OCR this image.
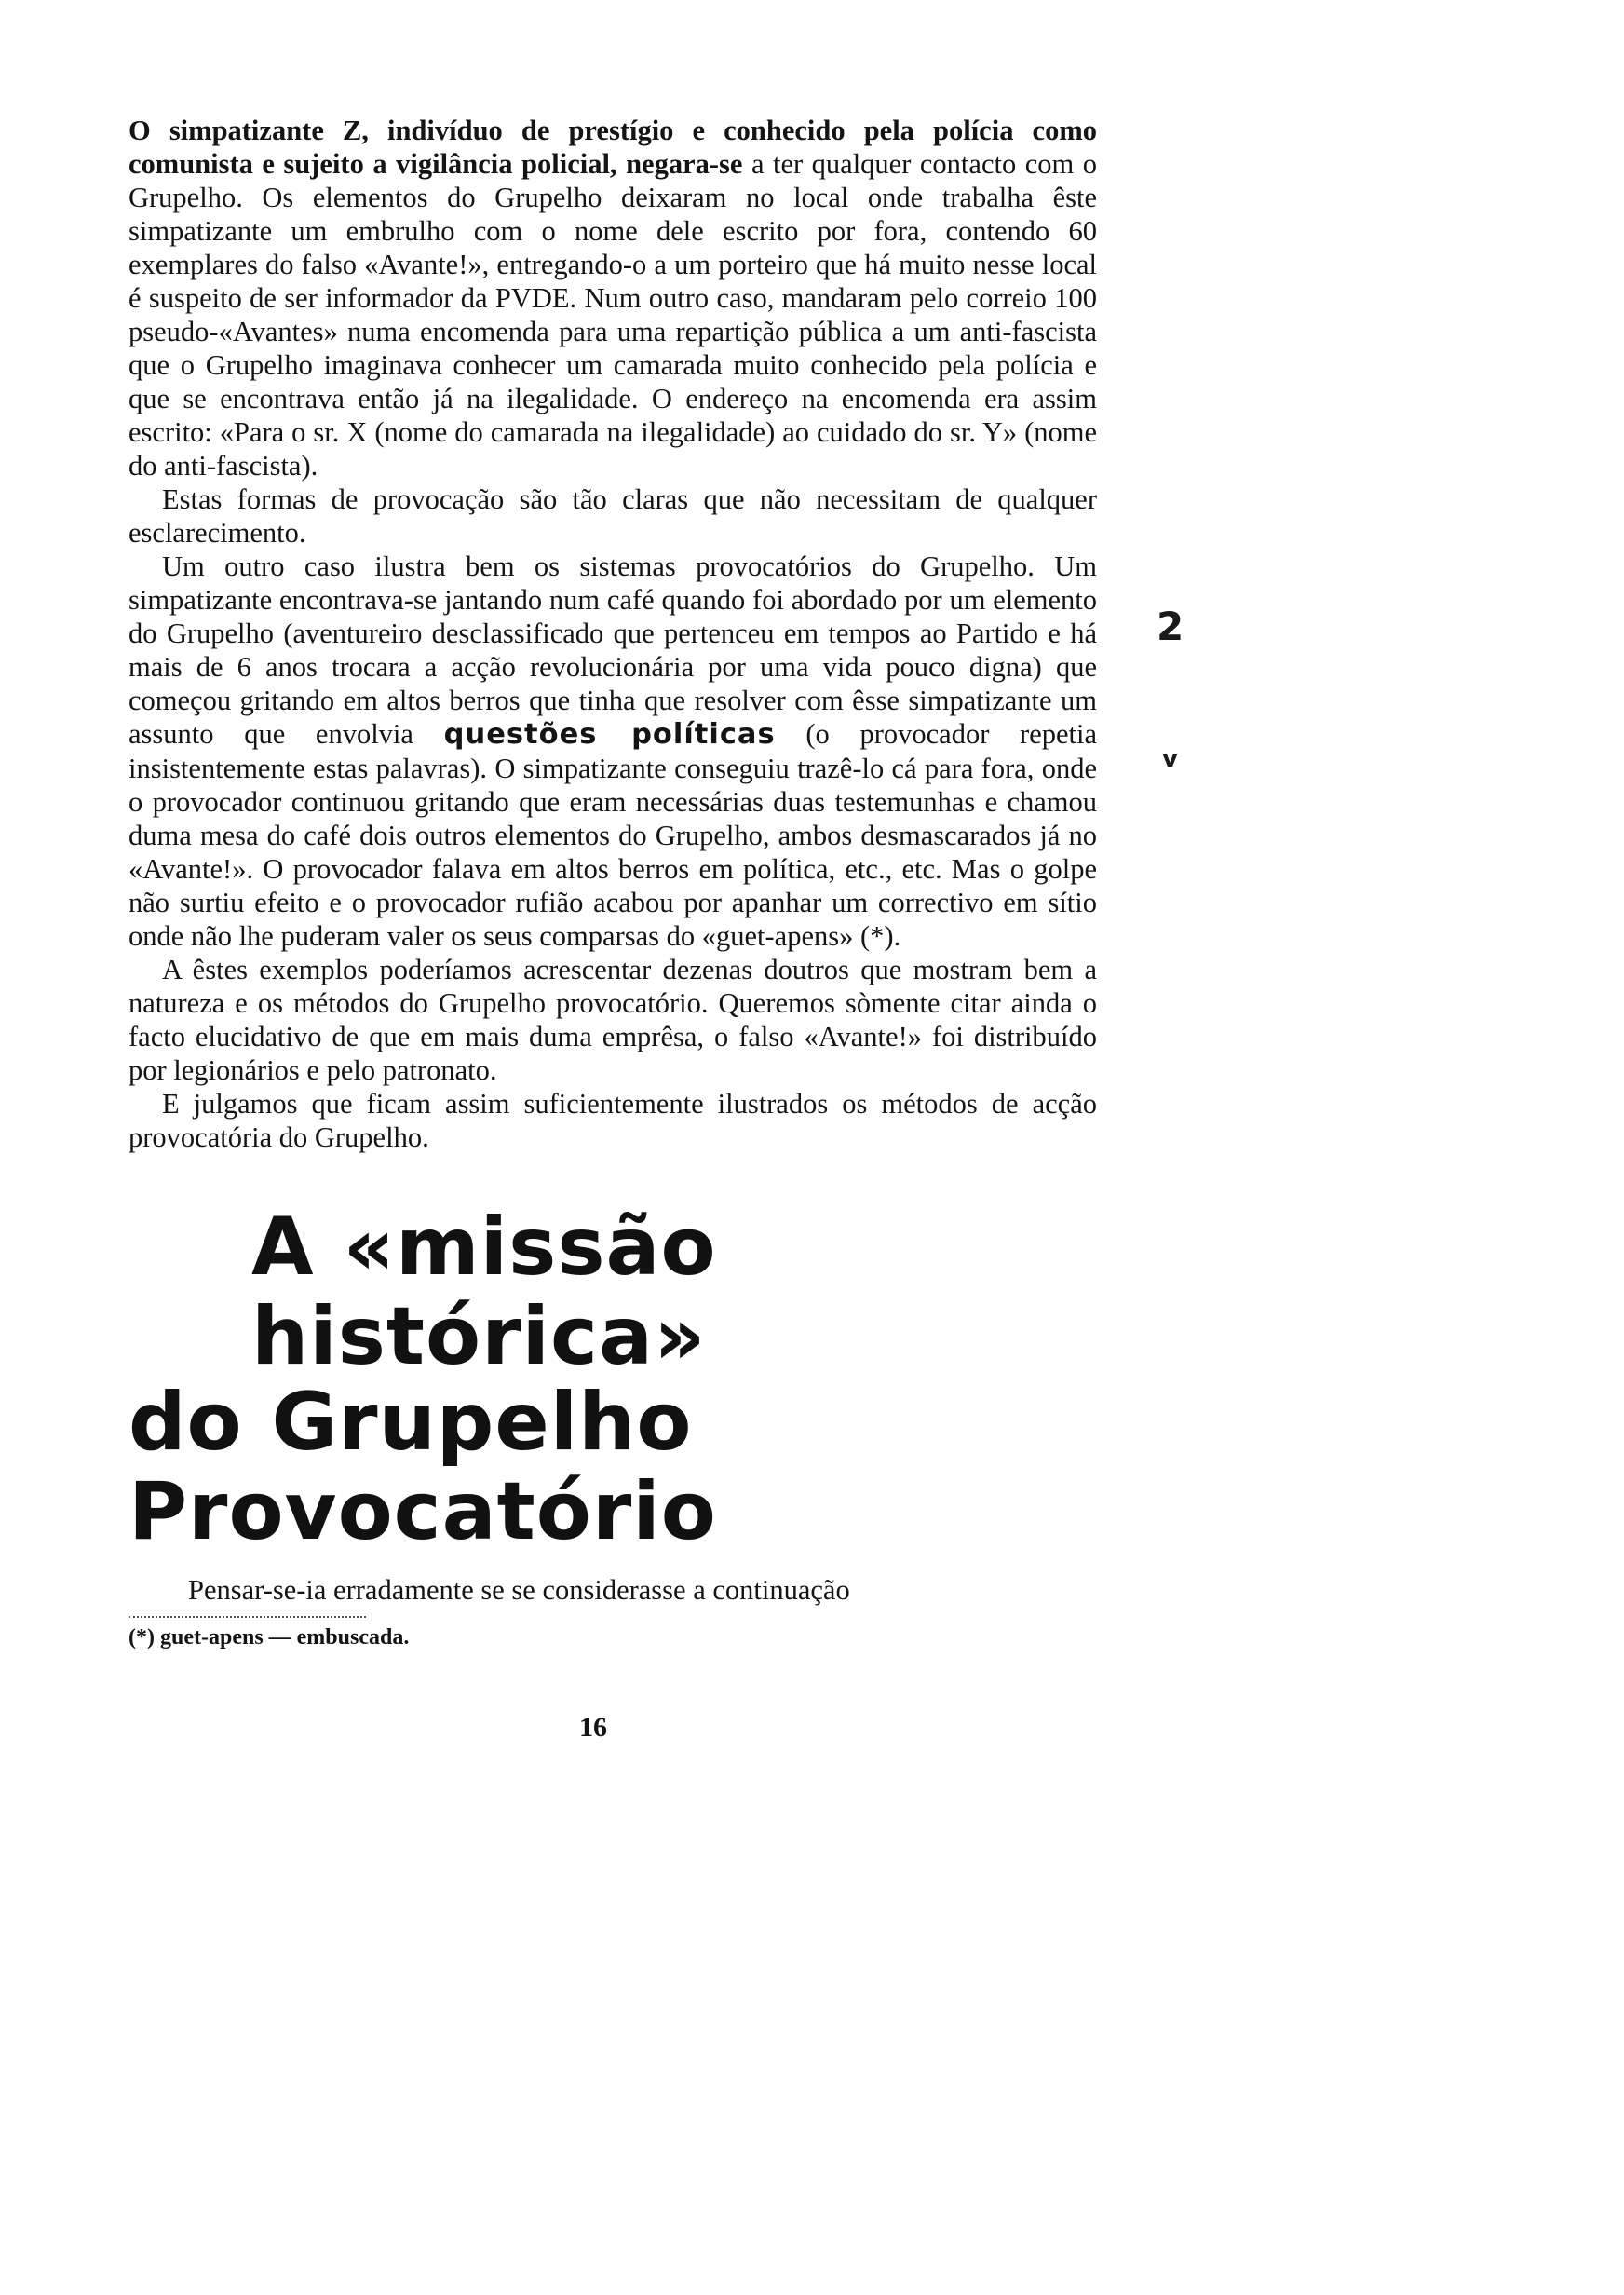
O simpatizante Z, indivíduo de prestígio e conhecido pela polícia como comunista e sujeito a vigilância policial, negara-se a ter qualquer contacto com o Grupelho. Os elementos do Grupelho deixaram no local onde trabalha êste simpatizante um embrulho com o nome dele escrito por fora, contendo 60 exemplares do falso «Avante!», entregando-o a um porteiro que há muito nesse local é suspeito de ser informador da PVDE. Num outro caso, mandaram pelo correio 100 pseudo-«Avantes» numa encomenda para uma repartição pública a um anti-fascista que o Grupelho imaginava conhecer um camarada muito conhecido pela polícia e que se encontrava então já na ilegalidade. O endereço na encomenda era assim escrito: «Para o sr. X (nome do camarada na ilegalidade) ao cuidado do sr. Y» (nome do anti-fascista).

Estas formas de provocação são tão claras que não necessitam de qualquer esclarecimento.

Um outro caso ilustra bem os sistemas provocatórios do Grupelho. Um simpatizante encontrava-se jantando num café quando foi abordado por um elemento do Grupelho (aventureiro desclassificado que pertenceu em tempos ao Partido e há mais de 6 anos trocara a acção revolucionária por uma vida pouco digna) que começou gritando em altos berros que tinha que resolver com êsse simpatizante um assunto que envolvia questões políticas (o provocador repetia insistentemente estas palavras). O simpatizante conseguiu trazê-lo cá para fora, onde o provocador continuou gritando que eram necessárias duas testemunhas e chamou duma mesa do café dois outros elementos do Grupelho, ambos desmascarados já no «Avante!». O provocador falava em altos berros em política, etc., etc. Mas o golpe não surtiu efeito e o provocador rufião acabou por apanhar um correctivo em sítio onde não lhe puderam valer os seus comparsas do «guet-apens» (*).

A êstes exemplos poderíamos acrescentar dezenas doutros que mostram bem a natureza e os métodos do Grupelho provocatório. Queremos sòmente citar ainda o facto elucidativo de que em mais duma emprêsa, o falso «Avante!» foi distribuído por legionários e pelo patronato.

E julgamos que ficam assim suficientemente ilustrados os métodos de acção provocatória do Grupelho.

A «missão histórica»
do Grupelho Provocatório

Pensar-se-ia erradamente se se considerasse a continuação

(*) guet-apens — embuscada.

16
2
v
